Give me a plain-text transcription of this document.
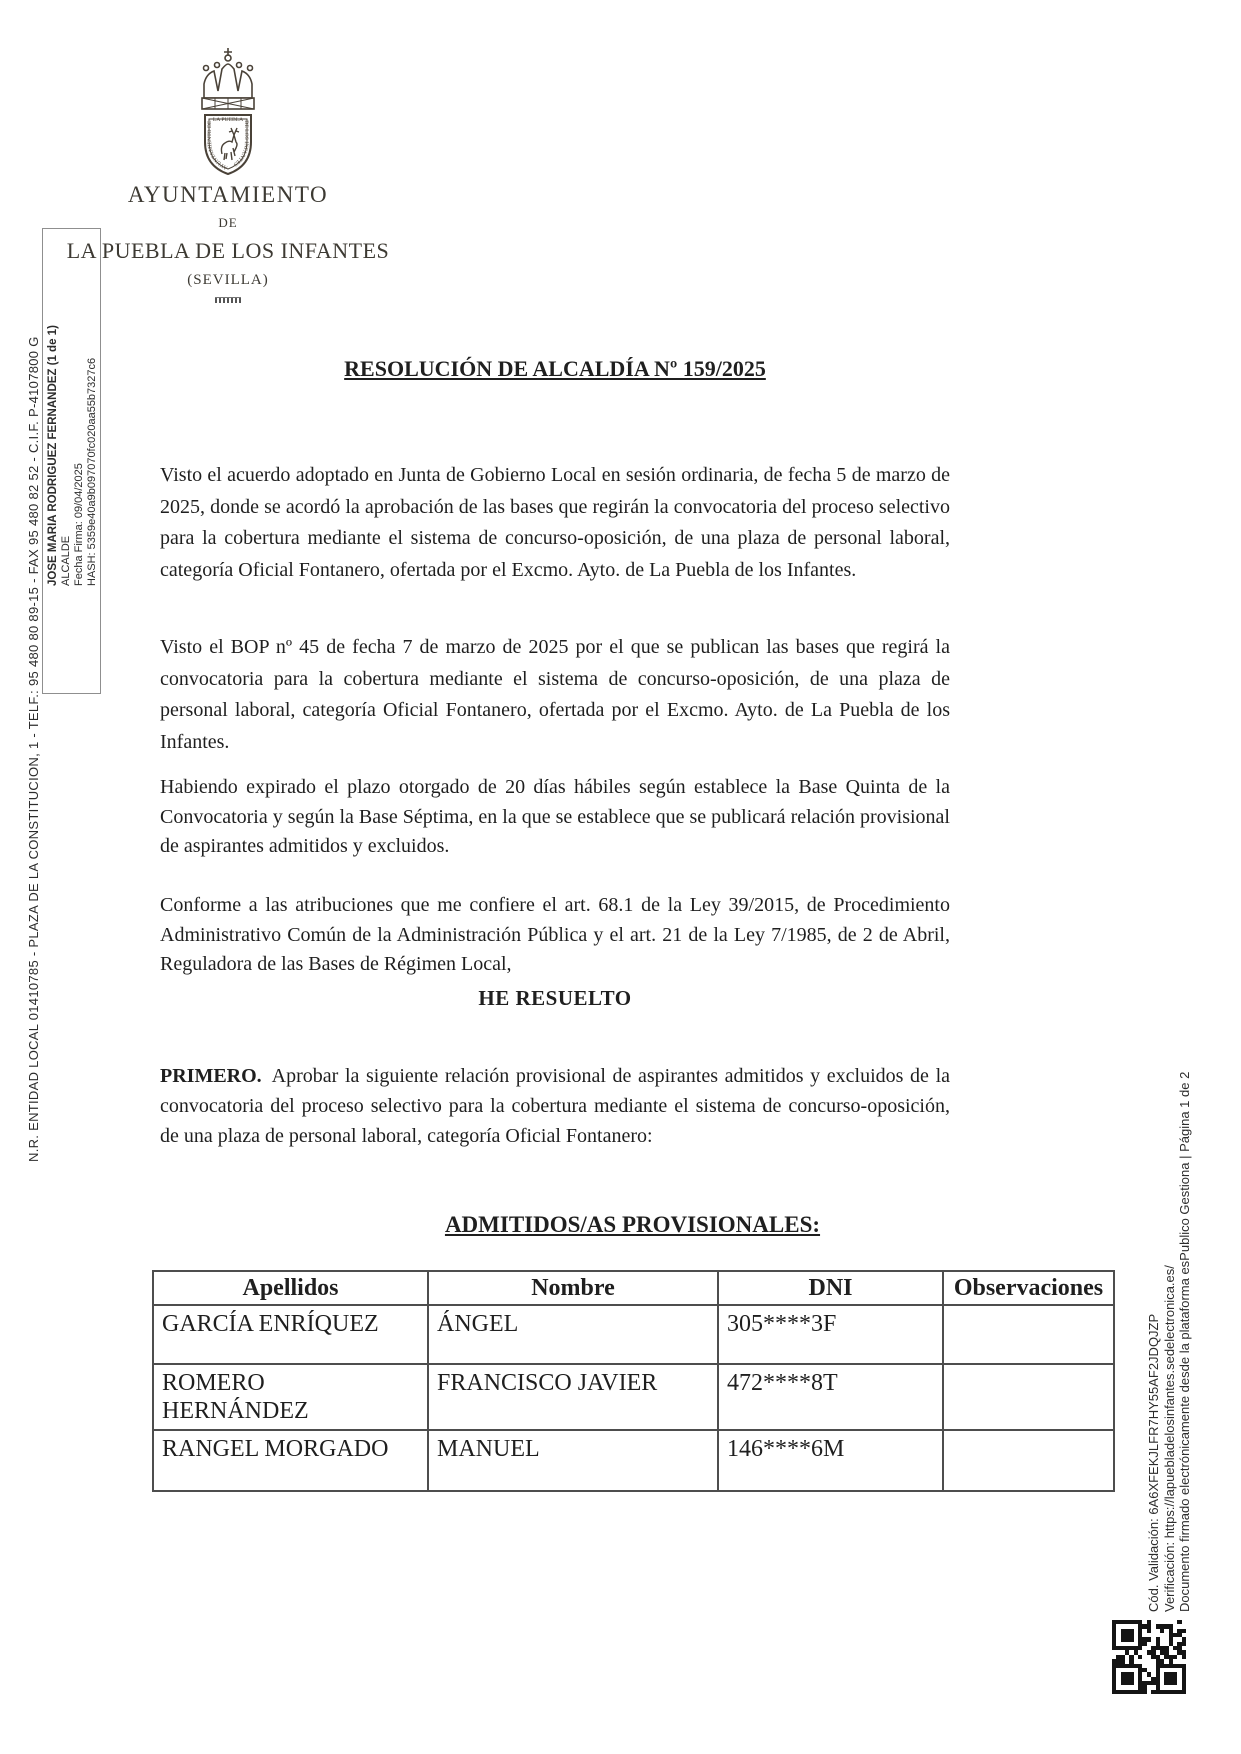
AYUNTAMIENTO DE LA PUEBLA DE LOS INFANTES
AYUNTAMIENTO
DE
LA PUEBLA DE LOS INFANTES
(SEVILLA)
RESOLUCIÓN DE ALCALDÍA Nº 159/2025

Visto el acuerdo adoptado en Junta de Gobierno Local en sesión ordinaria, de fecha 5 de marzo de 2025, donde se acordó la aprobación de las bases que regirán la convocatoria del proceso selectivo para la cobertura mediante el sistema de concurso-oposición, de una plaza de personal laboral, categoría Oficial Fontanero, ofertada por el Excmo. Ayto. de La Puebla de los Infantes.

Visto el BOP nº 45 de fecha 7 de marzo de 2025 por el que se publican las bases que regirá la convocatoria para la cobertura mediante el sistema de concurso-oposición, de una plaza de personal laboral, categoría Oficial Fontanero, ofertada por el Excmo. Ayto. de La Puebla de los Infantes.

Habiendo expirado el plazo otorgado de 20 días hábiles según establece la Base Quinta de la Convocatoria y según la Base Séptima, en la que se establece que se publicará relación provisional de aspirantes admitidos y excluidos.

Conforme a las atribuciones que me confiere el art. 68.1 de la Ley 39/2015, de Procedimiento Administrativo Común de la Administración Pública y el art. 21 de la Ley 7/1985, de 2 de Abril, Reguladora de las Bases de Régimen Local,

HE RESUELTO

PRIMERO. Aprobar la siguiente relación provisional de aspirantes admitidos y excluidos de la convocatoria del proceso selectivo para la cobertura mediante el sistema de concurso-oposición, de una plaza de personal laboral, categoría Oficial Fontanero:

ADMITIDOS/AS PROVISIONALES:
Apellidos	Nombre	DNI	Observaciones
GARCÍA ENRÍQUEZ	ÁNGEL	305****3F	
ROMERO HERNÁNDEZ	FRANCISCO JAVIER	472****8T	
RANGEL MORGADO	MANUEL	146****6M	
N.R. ENTIDAD LOCAL 01410785 - PLAZA DE LA CONSTITUCION, 1 - TELF.: 95 480 80 89-15 - FAX 95 480 82 52 - C.I.F. P-4107800 G JOSE MARIA RODRIGUEZ FERNANDEZ (1 de 1) ALCALDE Fecha Firma: 09/04/2025 HASH: 5359e40a9b097070fc020aa55b7327c6
Cód. Validación: 6A6XFEKJLFR7HY55AF2JDQJZP Verificación: https://lapuebladelosinfantes.sedelectronica.es/ Documento firmado electrónicamente desde la plataforma esPublico Gestiona | Página 1 de 2
